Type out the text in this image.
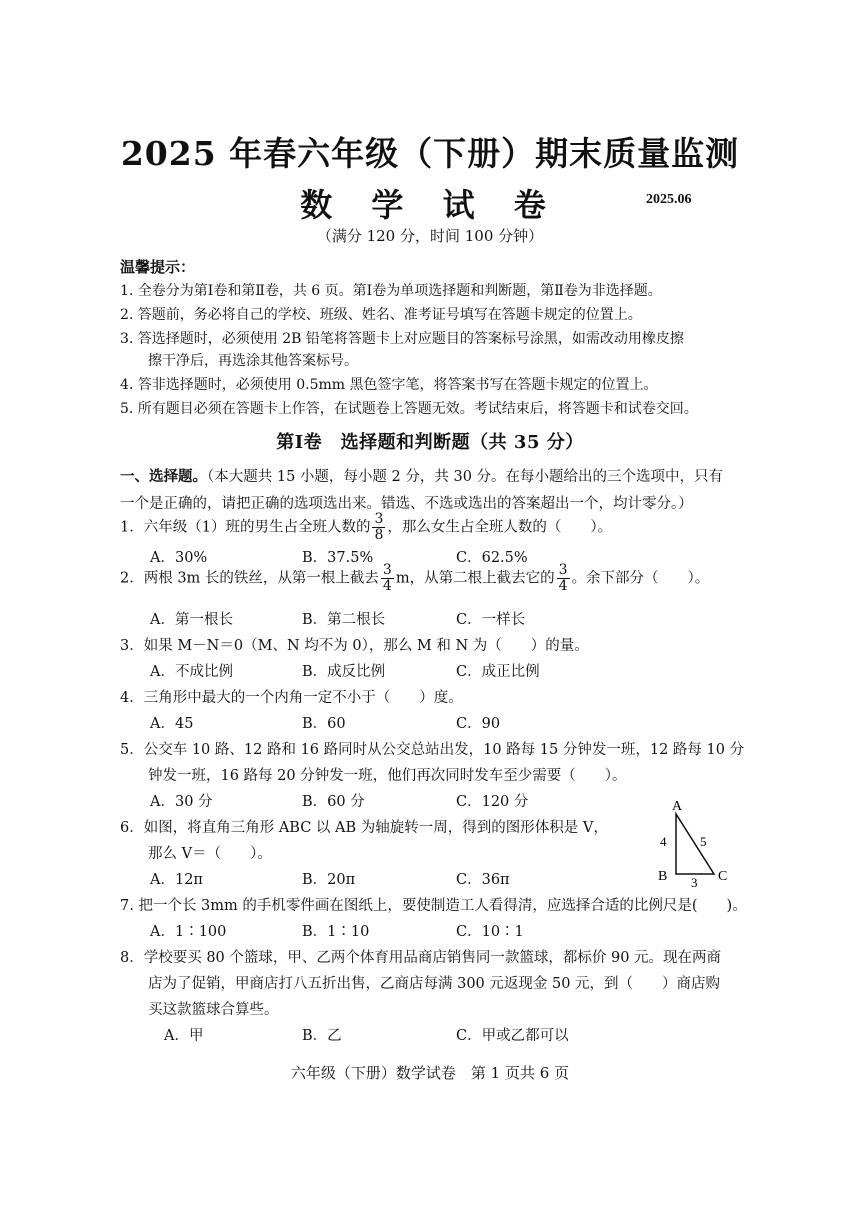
2025 年春六年级（下册）期末质量监测
数 学 试 卷	2025.06
（满分 120 分，时间 100 分钟）
温馨提示：
1. 全卷分为第Ⅰ卷和第Ⅱ卷，共 6 页。第Ⅰ卷为单项选择题和判断题，第Ⅱ卷为非选择题。
2. 答题前，务必将自己的学校、班级、姓名、准考证号填写在答题卡规定的位置上。
3. 答选择题时，必须使用 2B 铅笔将答题卡上对应题目的答案标号涂黑，如需改动用橡皮擦
擦干净后，再选涂其他答案标号。
4. 答非选择题时，必须使用 0.5mm 黑色签字笔，将答案书写在答题卡规定的位置上。
5. 所有题目必须在答题卡上作答，在试题卷上答题无效。考试结束后，将答题卡和试卷交回。
第Ⅰ卷　选择题和判断题（共 35 分）
一、选择题。（本大题共 15 小题，每小题 2 分，共 30 分。在每小题给出的三个选项中，只有
一个是正确的，请把正确的选项选出来。错选、不选或选出的答案超出一个，均计零分。）
1．六年级（1）班的男生占全班人数的 $\frac{3}{8}$ ，那么女生占全班人数的（　　）。
A．30%	B．37.5%	C．62.5%
2．两根 3m 长的铁丝，从第一根上截去 $\frac{3}{4}$ m，从第二根上截去它的 $\frac{3}{4}$ 。余下部分（　　）。
A．第一根长	B．第二根长	C．一样长
3．如果 M－N＝0（M、N 均不为 0），那么 M 和 N 为（　　）的量。
A．不成比例	B．成反比例	C．成正比例
4．三角形中最大的一个内角一定不小于（　　）度。
A．45	B．60	C．90
5．公交车 10 路、12 路和 16 路同时从公交总站出发，10 路每 15 分钟发一班，12 路每 10 分
钟发一班，16 路每 20 分钟发一班，他们再次同时发车至少需要（　　）。
A．30 分	B．60 分	C．120 分
6．如图，将直角三角形 ABC 以 AB 为轴旋转一周，得到的图形体积是 V，
那么 V＝（　　）。
A．12π	B．20π	C．36π
A
B	C
4	5
3
7. 把一个长 3mm 的手机零件画在图纸上，要使制造工人看得清，应选择合适的比例尺是(　　)。
A．1∶100	B．1∶10	C．10∶1
8．学校要买 80 个篮球，甲、乙两个体育用品商店销售同一款篮球，都标价 90 元。现在两商
店为了促销，甲商店打八五折出售，乙商店每满 300 元返现金 50 元，到（　　）商店购
买这款篮球合算些。
A．甲	B．乙	C．甲或乙都可以
六年级（下册）数学试卷　第 1 页共 6 页
